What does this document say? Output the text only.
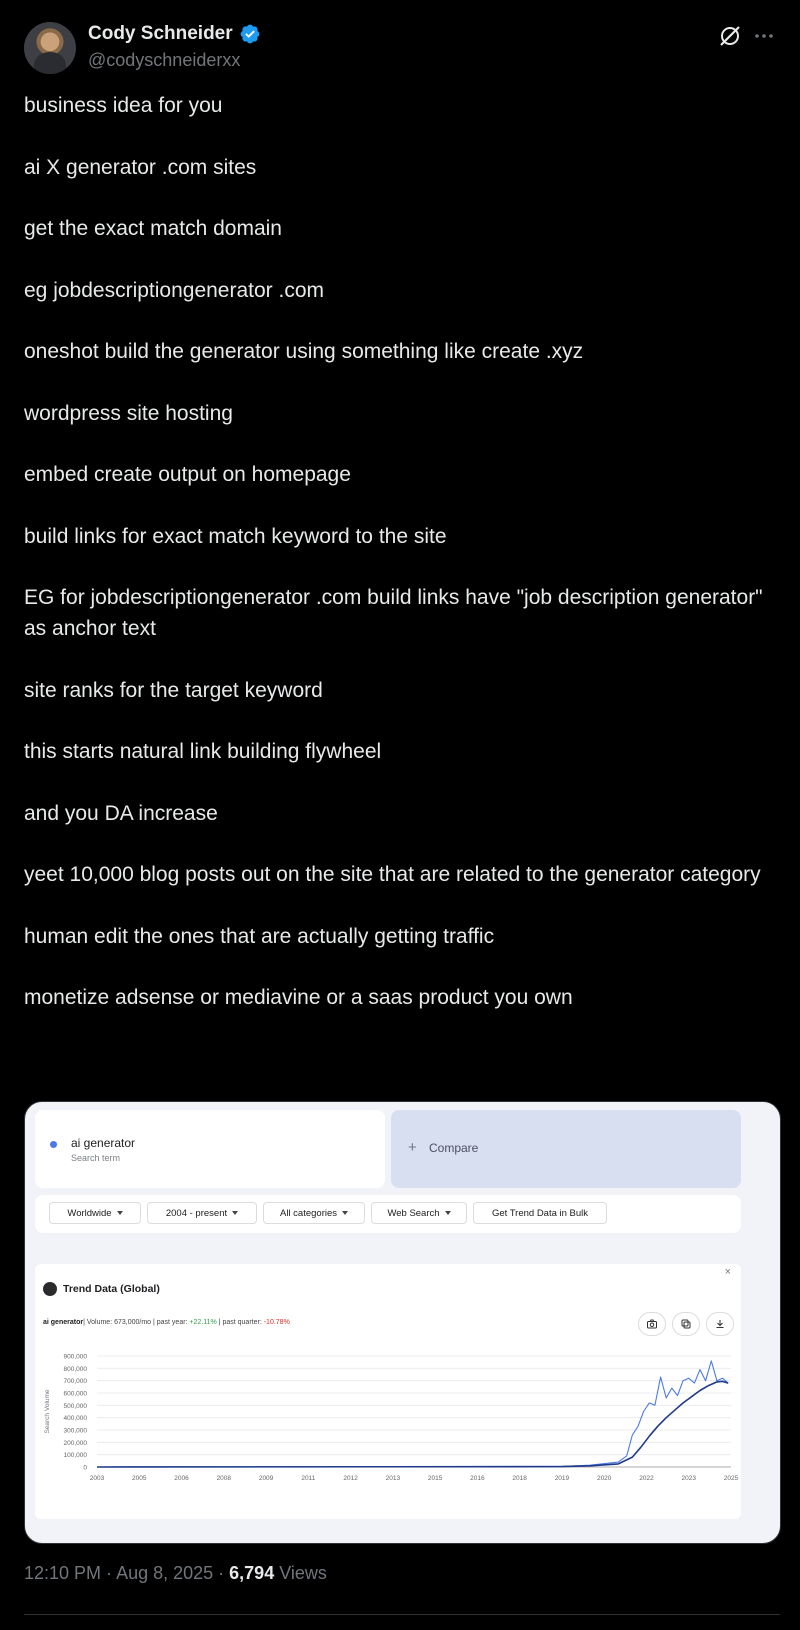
Cody Schneider
@codyschneiderxx

business idea for you

ai X generator .com sites

get the exact match domain

eg jobdescriptiongenerator .com

oneshot build the generator using something like create .xyz

wordpress site hosting

embed create output on homepage

build links for exact match keyword to the site

EG for jobdescriptiongenerator .com build links have "job description generator" as anchor text

site ranks for the target keyword

this starts natural link building flywheel

and you DA increase

yeet 10,000 blog posts out on the site that are related to the generator category

human edit the ones that are actually getting traffic

monetize adsense or mediavine or a saas product you own

ai generator
Search term
+ Compare
Worldwide	2004 - present	All categories	Web Search	Get Trend Data in Bulk
×
Trend Data (Global)
ai generator| Volume: 673,000/mo | past year: +22.11% | past quarter: -10.78%
900,000
800,000
700,000
600,000
500,000
400,000
300,000
200,000
100,000
0
2003	2005	2006	2008	2009	2011	2012	2013	2015	2016	2018	2019	2020	2022	2023	2025
Search Volume
12:10 PM · Aug 8, 2025 · 6,794 Views
